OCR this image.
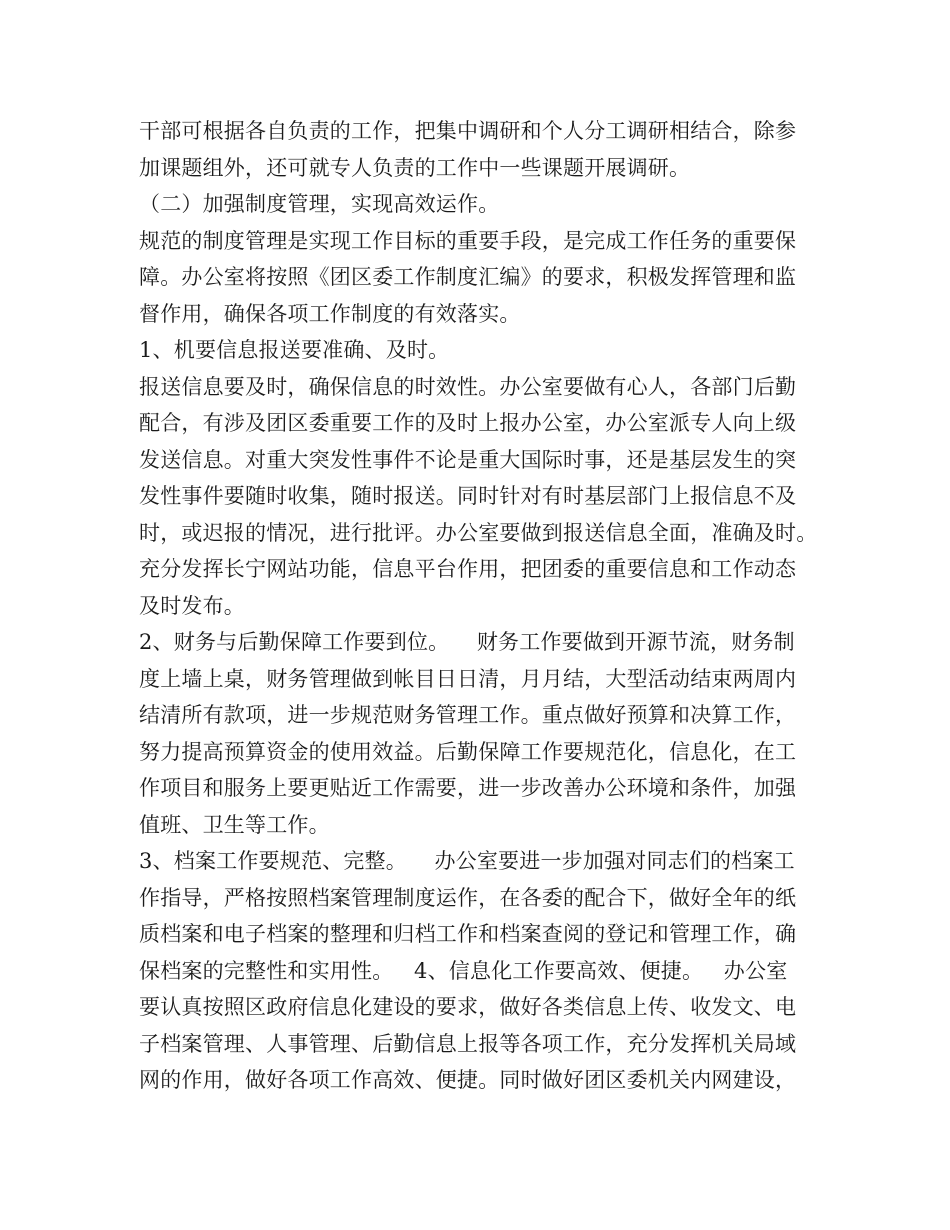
干部可根据各自负责的工作，把集中调研和个人分工调研相结合，除参
加课题组外，还可就专人负责的工作中一些课题开展调研。
（二）加强制度管理，实现高效运作。
规范的制度管理是实现工作目标的重要手段，是完成工作任务的重要保
障。办公室将按照《团区委工作制度汇编》的要求，积极发挥管理和监
督作用，确保各项工作制度的有效落实。
1、机要信息报送要准确、及时。
报送信息要及时，确保信息的时效性。办公室要做有心人，各部门后勤
配合，有涉及团区委重要工作的及时上报办公室，办公室派专人向上级
发送信息。对重大突发性事件不论是重大国际时事，还是基层发生的突
发性事件要随时收集，随时报送。同时针对有时基层部门上报信息不及
时，或迟报的情况，进行批评。办公室要做到报送信息全面，准确及时。
充分发挥长宁网站功能，信息平台作用，把团委的重要信息和工作动态
及时发布。
2、财务与后勤保障工作要到位。    财务工作要做到开源节流，财务制
度上墙上桌，财务管理做到帐目日日清，月月结，大型活动结束两周内
结清所有款项，进一步规范财务管理工作。重点做好预算和决算工作，
努力提高预算资金的使用效益。后勤保障工作要规范化，信息化，在工
作项目和服务上要更贴近工作需要，进一步改善办公环境和条件，加强
值班、卫生等工作。
3、档案工作要规范、完整。    办公室要进一步加强对同志们的档案工
作指导，严格按照档案管理制度运作，在各委的配合下，做好全年的纸
质档案和电子档案的整理和归档工作和档案查阅的登记和管理工作，确
保档案的完整性和实用性。   4、信息化工作要高效、便捷。   办公室
要认真按照区政府信息化建设的要求，做好各类信息上传、收发文、电
子档案管理、人事管理、后勤信息上报等各项工作，充分发挥机关局域
网的作用，做好各项工作高效、便捷。同时做好团区委机关内网建设，
